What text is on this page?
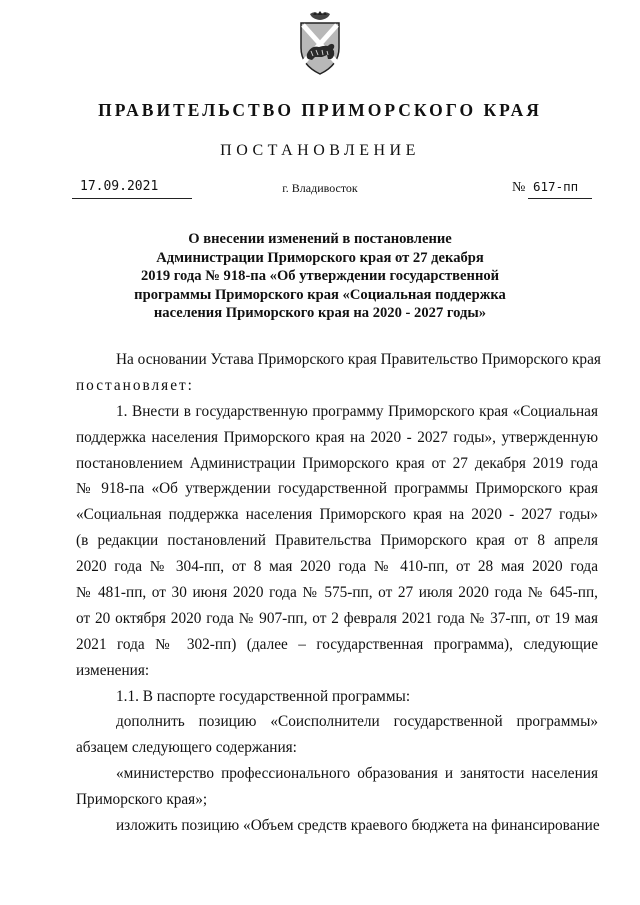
ПРАВИТЕЛЬСТВО ПРИМОРСКОГО КРАЯ
ПОСТАНОВЛЕНИЕ
17.09.2021	г. Владивосток	№ 617-пп
О внесении изменений в постановление
Администрации Приморского края от 27 декабря
2019 года № 918-па «Об утверждении государственной
программы Приморского края «Социальная поддержка
населения Приморского края на 2020 - 2027 годы»
На основании Устава Приморского края Правительство Приморского края
постановляет:
1. Внести в государственную программу Приморского края «Социальная
поддержка населения Приморского края на 2020 - 2027 годы», утвержденную
постановлением Администрации Приморского края от 27 декабря 2019 года
№ 918-па «Об утверждении государственной программы Приморского края
«Социальная поддержка населения Приморского края на 2020 - 2027 годы»
(в редакции постановлений Правительства Приморского края от 8 апреля
2020 года № 304-пп, от 8 мая 2020 года № 410-пп, от 28 мая 2020 года
№ 481-пп, от 30 июня 2020 года № 575-пп, от 27 июля 2020 года № 645-пп,
от 20 октября 2020 года № 907-пп, от 2 февраля 2021 года № 37-пп, от 19 мая
2021 года № 302-пп) (далее – государственная программа), следующие
изменения:
1.1. В паспорте государственной программы:
дополнить позицию «Соисполнители государственной программы»
абзацем следующего содержания:
«министерство профессионального образования и занятости населения
Приморского края»;
изложить позицию «Объем средств краевого бюджета на финансирование
